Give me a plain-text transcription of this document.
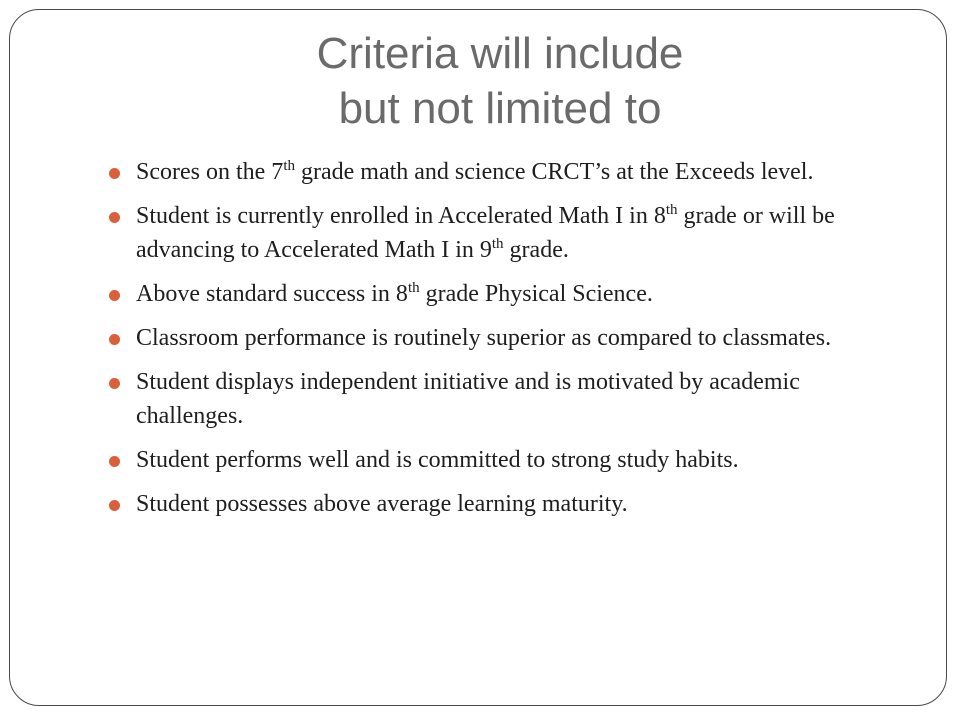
Criteria will include
but not limited to
Scores on the 7th grade math and science CRCT’s at the Exceeds level.
Student is currently enrolled in Accelerated Math I in 8th grade or will be advancing to Accelerated Math I in 9th grade.
Above standard success in 8th grade Physical Science.
Classroom performance is routinely superior as compared to classmates.
Student displays independent initiative and is motivated by academic challenges.
Student performs well and is committed to strong study habits.
Student possesses above average learning maturity.
